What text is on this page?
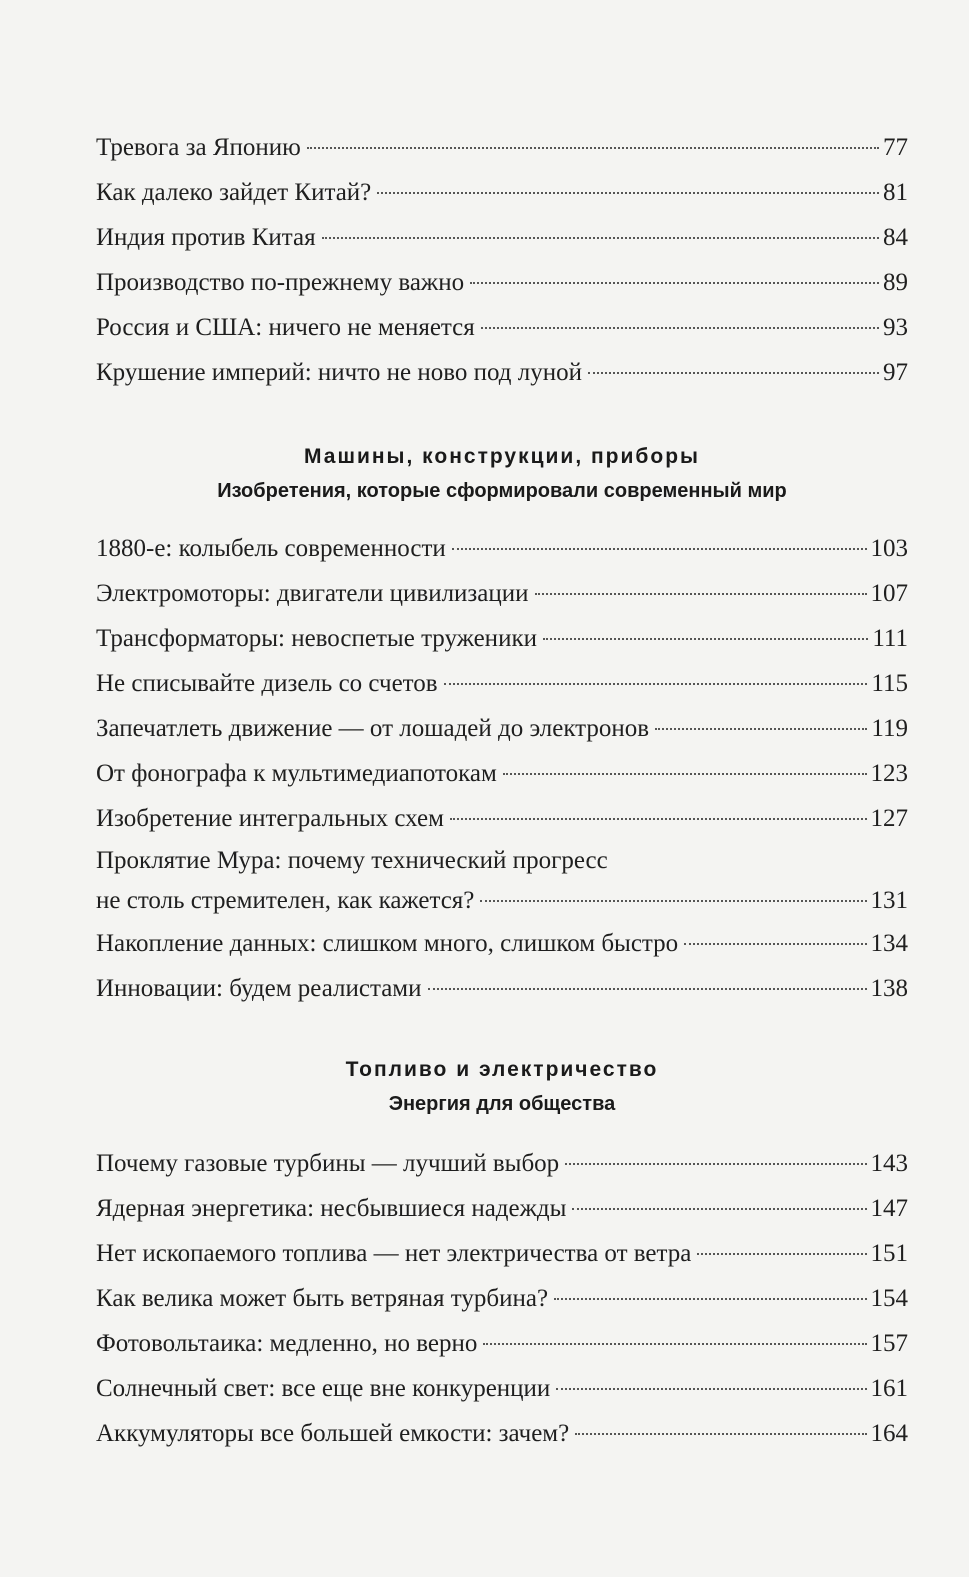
Тревога за Японию	77
Как далеко зайдет Китай?	81
Индия против Китая	84
Производство по-прежнему важно	89
Россия и США: ничего не меняется	93
Крушение империй: ничто не ново под луной	97
Машины, конструкции, приборы
Изобретения, которые сформировали современный мир
1880-е: колыбель современности	103
Электромоторы: двигатели цивилизации	107
Трансформаторы: невоспетые труженики	111
Не списывайте дизель со счетов	115
Запечатлеть движение — от лошадей до электронов	119
От фонографа к мультимедиапотокам	123
Изобретение интегральных схем	127
Проклятие Мура: почему технический прогресс
не столь стремителен, как кажется?	131
Накопление данных: слишком много, слишком быстро	134
Инновации: будем реалистами	138
Топливо и электричество
Энергия для общества
Почему газовые турбины — лучший выбор	143
Ядерная энергетика: несбывшиеся надежды	147
Нет ископаемого топлива — нет электричества от ветра	151
Как велика может быть ветряная турбина?	154
Фотовольтаика: медленно, но верно	157
Солнечный свет: все еще вне конкуренции	161
Аккумуляторы все большей емкости: зачем?	164
